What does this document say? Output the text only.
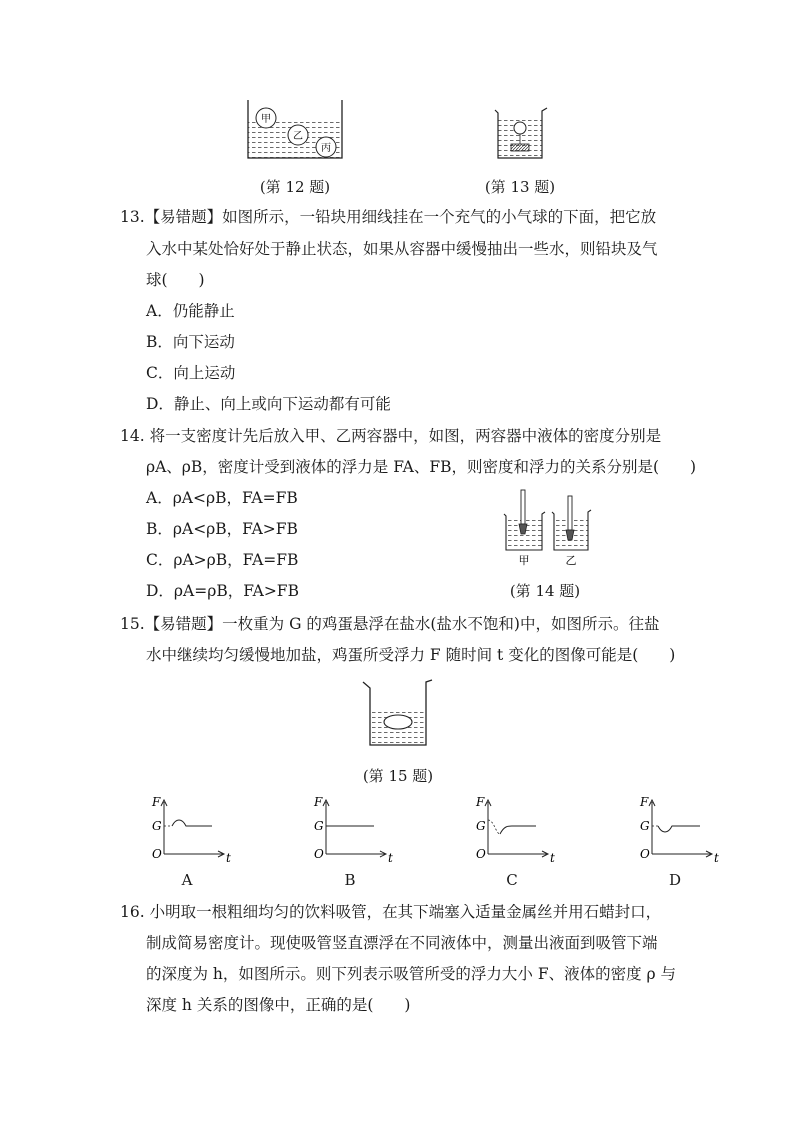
甲
乙
丙
(第 12 题)	(第 13 题)
13.【易错题】如图所示，一铅块用细线挂在一个充气的小气球的下面，把它放
入水中某处恰好处于静止状态，如果从容器中缓慢抽出一些水，则铅块及气
球(　　)
A．仍能静止
B．向下运动
C．向上运动
D．静止、向上或向下运动都有可能
14. 将一支密度计先后放入甲、乙两容器中，如图，两容器中液体的密度分别是
ρA、ρB，密度计受到液体的浮力是 FA、FB，则密度和浮力的关系分别是(　　)
A．ρA<ρB，FA=FB
B．ρA<ρB，FA>FB
C．ρA>ρB，FA=FB
D．ρA=ρB，FA>FB
甲	乙
(第 14 题)
15.【易错题】一枚重为 G 的鸡蛋悬浮在盐水(盐水不饱和)中，如图所示。往盐
水中继续均匀缓慢地加盐，鸡蛋所受浮力 F 随时间 t 变化的图像可能是(　　)
(第 15 题)
F
G
O	t
A
F
G
O	t
B
F
G
O	t
C
F
G
O	t
D
16. 小明取一根粗细均匀的饮料吸管，在其下端塞入适量金属丝并用石蜡封口，
制成简易密度计。现使吸管竖直漂浮在不同液体中，测量出液面到吸管下端
的深度为 h，如图所示。则下列表示吸管所受的浮力大小 F、液体的密度 ρ 与
深度 h 关系的图像中，正确的是(　　)
